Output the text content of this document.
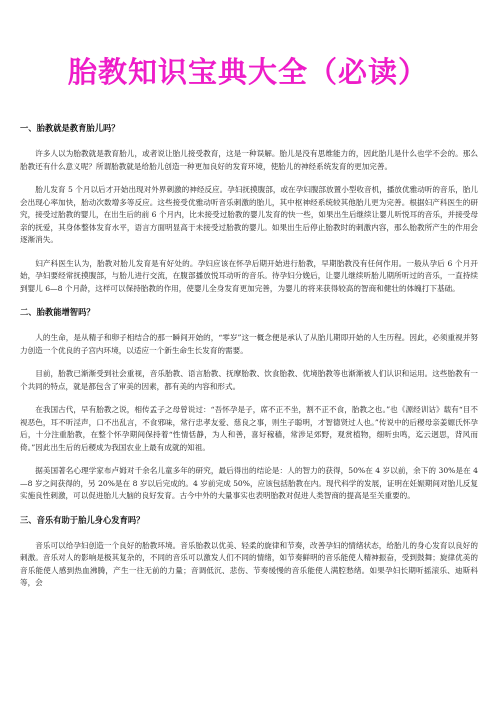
胎教知识宝典大全（必读）
一、胎教就是教育胎儿吗？

许多人以为胎教就是教育胎儿，或者说让胎儿接受教育，这是一种误解。胎儿是没有思维能力的，因此胎儿是什么也学不会的。那么胎教还有什么意义呢？所谓胎教就是给胎儿创造一种更加良好的发育环境，使胎儿的神经系统发育的更加完善。

胎儿发育 5 个月以后才开始出现对外界刺激的神经反应。孕妇抚摸腹部，或在孕妇腹部放置小型收音机，播放优雅动听的音乐，胎儿会出现心率加快，胎动次数增多等反应。这些接受优雅动听音乐刺激的胎儿，其中枢神经系统较其他胎儿更为完善。根据妇产科医生的研究，接受过胎教的婴儿，在出生后的前 6 个月内，比未接受过胎教的婴儿发育的快一些，如果出生后继续让婴儿听悦耳的音乐，并接受母亲的抚爱，其身体整体发育水平，语言方面明显高于未接受过胎教的婴儿。如果出生后停止胎教时的刺激内容，那么胎教所产生的作用会逐渐消失。

妇产科医生认为，胎教对胎儿发育是有好处的。孕妇应该在怀孕后期开始进行胎教，早期胎教没有任何作用。一般从孕后 6 个月开始，孕妇要经常抚摸腹部，与胎儿进行交流，在腹部播放悦耳动听的音乐。待孕妇分娩后，让婴儿继续听胎儿期所听过的音乐，一直持续到婴儿 6—8 个月龄，这样可以保持胎教的作用，使婴儿全身发育更加完善，为婴儿的将来获得较高的智商和健壮的体魄打下基础。

二、胎教能增智吗？

人的生命，是从精子和卵子相结合的那一瞬间开始的，“零岁”这一概念便是承认了从胎儿期即开始的人生历程。因此，必须重视并努力创造一个优良的子宫内环境，以适应一个新生命生长发育的需要。

目前，胎教已渐渐受到社会重视，音乐胎教、语言胎教、抚摩胎教、饮食胎教、优境胎教等也渐渐被人们认识和运用。这些胎教有一个共同的特点，就是都包含了审美的因素，都有美的内容和形式。

在我国古代，早有胎教之说，相传孟子之母曾说过：“吾怀孕是子，席不正不坐，割不正不食，胎教之也。”也《源经训诂》载有“目不视恶色，耳不听淫声，口不出乱言，不食邪味，常行忠孝友爱、慈良之事，则生子聪明，才智德贤过人也。”传说中的后稷母亲姜嫄氏怀孕后，十分注重胎教，在整个怀孕期间保持着“性情恬静，为人和善，喜好稼穑，常涉足郊野，观赏植物，细听虫鸣，迄云迥思，背风而倚。”因此出生后的后稷成为我国农业上最有成就的知祖。

据美国著名心理学家布卢姆对千余名儿童多年的研究，最后得出的结论是：人的智力的获得，50%在 4 岁以前，余下的 30%是在 4—8 岁之间获得的，另 20%是在 8 岁以后完成的。4 岁前完成 50%，应该包括胎教在内。现代科学的发展，证明在妊娠期间对胎儿反复实施良性刺激，可以促进胎儿大脑的良好发育。古今中外的大量事实也表明胎教对促进人类智商的提高是至关重要的。

三、音乐有助于胎儿身心发育吗？

音乐可以给孕妇创造一个良好的胎教环境。音乐胎教以优美、轻柔的旋律和节奏，改善孕妇的情绪状态，给胎儿的身心发育以良好的刺激。音乐对人的影响是极其复杂的，不同的音乐可以激发人们不同的情绪，如节奏鲜明的音乐能使人精神振奋，受到鼓舞；旋律优美的音乐能使人感到热血沸腾，产生一往无前的力量；音调低沉、悲伤、节奏缓慢的音乐能使人满腔愁绪。如果孕妇长期听摇滚乐、迪斯科等，会
